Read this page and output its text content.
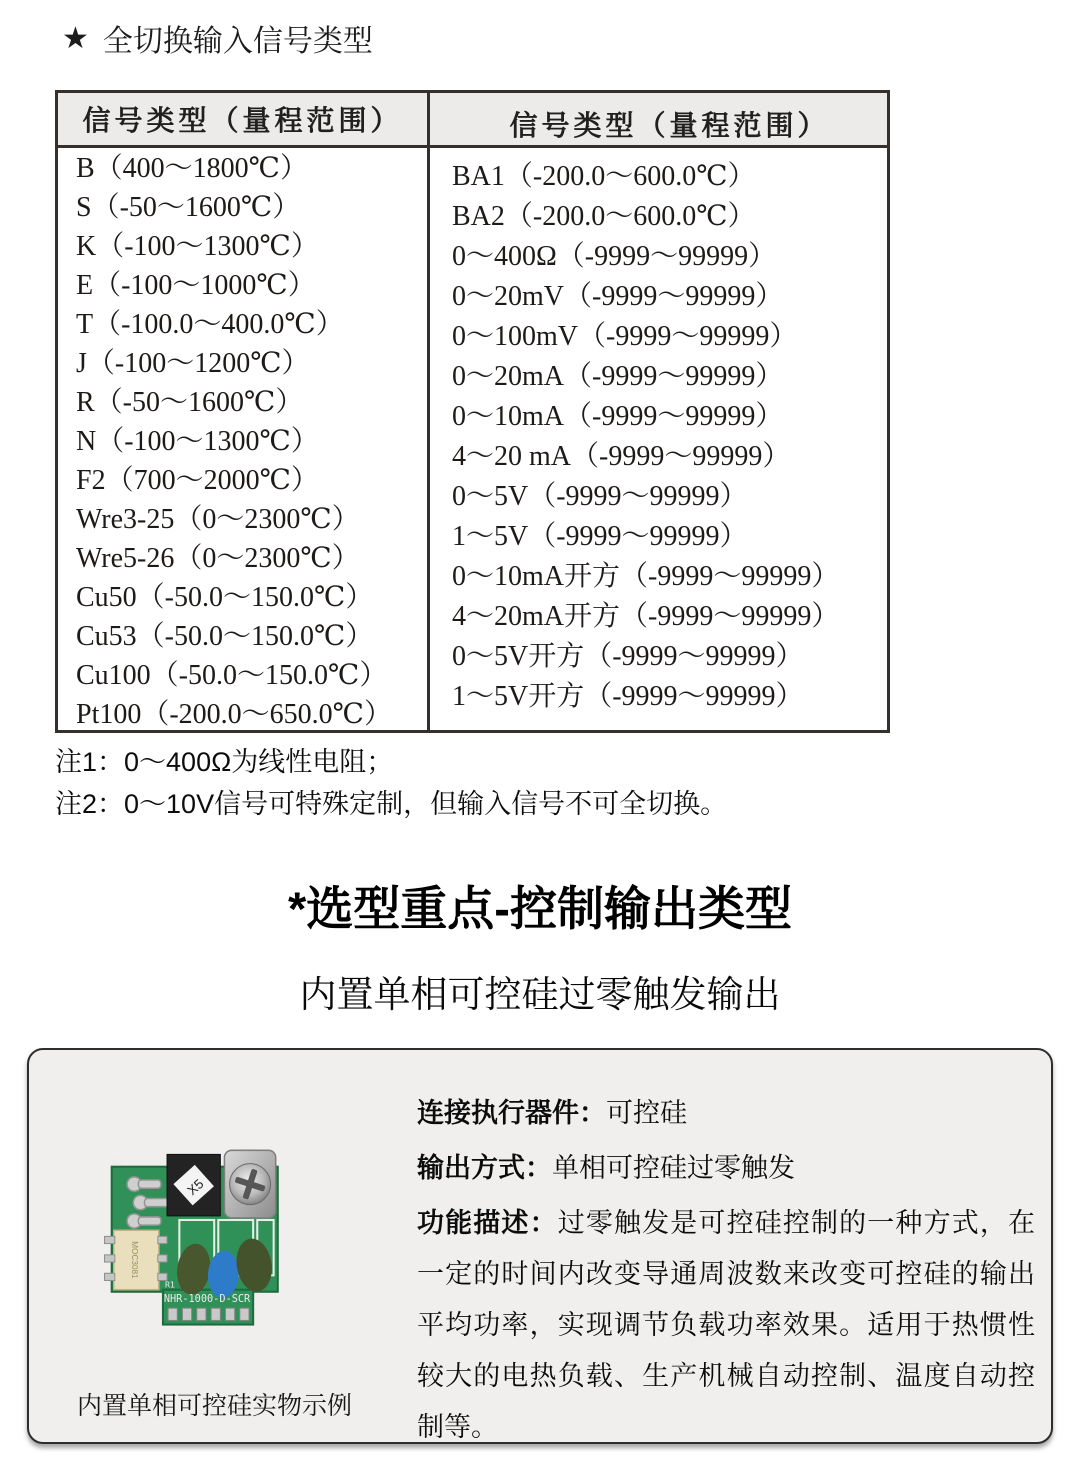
★ 全切换输入信号类型
信号类型（量程范围）	信号类型（量程范围）
B（400～1800℃）
S（-50～1600℃）
K（-100～1300℃）
E（-100～1000℃）
T（-100.0～400.0℃）
J（-100～1200℃）
R（-50～1600℃）
N（-100～1300℃）
F2（700～2000℃）
Wre3-25（0～2300℃）
Wre5-26（0～2300℃）
Cu50（-50.0～150.0℃）
Cu53（-50.0～150.0℃）
Cu100（-50.0～150.0℃）
Pt100（-200.0～650.0℃）
BA1（-200.0～600.0℃）
BA2（-200.0～600.0℃）
0～400Ω（-9999～99999）
0～20mV（-9999～99999）
0～100mV（-9999～99999）
0～20mA（-9999～99999）
0～10mA（-9999～99999）
4～20 mA（-9999～99999）
0～5V（-9999～99999）
1～5V（-9999～99999）
0～10mA开方（-9999～99999）
4～20mA开方（-9999～99999）
0～5V开方（-9999～99999）
1～5V开方（-9999～99999）
注1：0～400Ω为线性电阻；
注2：0～10V信号可特殊定制，但输入信号不可全切换。
*选型重点-控制输出类型
内置单相可控硅过零触发输出
X5
MOC3081
R2
R1
NHR-1000-D-SCR

连接执行器件：可控硅

输出方式：单相可控硅过零触发

功能描述：过零触发是可控硅控制的一种方式，在一定的时间内改变导通周波数来改变可控硅的输出平均功率，实现调节负载功率效果。适用于热惯性较大的电热负载、生产机械自动控制、温度自动控制等。

内置单相可控硅实物示例
